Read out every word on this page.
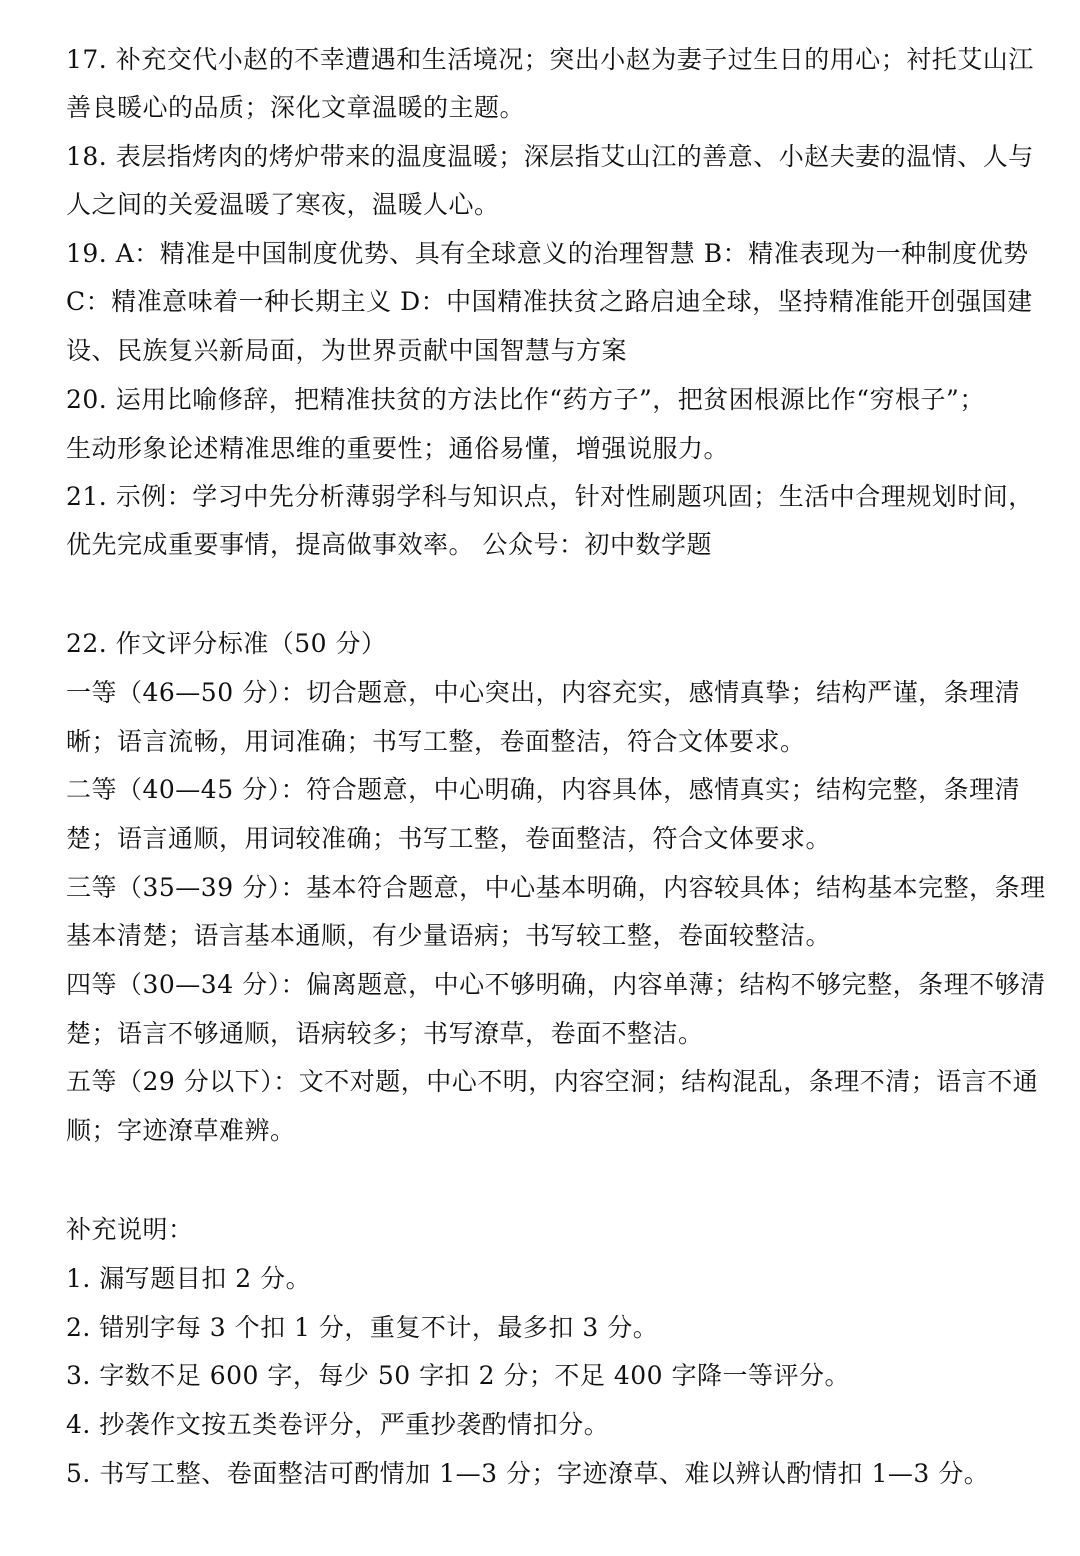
17. 补充交代小赵的不幸遭遇和生活境况；突出小赵为妻子过生日的用心；衬托艾山江
善良暖心的品质；深化文章温暖的主题。
18. 表层指烤肉的烤炉带来的温度温暖；深层指艾山江的善意、小赵夫妻的温情、人与
人之间的关爱温暖了寒夜，温暖人心。
19. A：精准是中国制度优势、具有全球意义的治理智慧 B：精准表现为一种制度优势
C：精准意味着一种长期主义 D：中国精准扶贫之路启迪全球，坚持精准能开创强国建
设、民族复兴新局面，为世界贡献中国智慧与方案
20. 运用比喻修辞，把精准扶贫的方法比作“药方子”，把贫困根源比作“穷根子”；
生动形象论述精准思维的重要性；通俗易懂，增强说服力。
21. 示例：学习中先分析薄弱学科与知识点，针对性刷题巩固；生活中合理规划时间，
优先完成重要事情，提高做事效率。 公众号：初中数学题
22. 作文评分标准（50 分）
一等（46—50 分）：切合题意，中心突出，内容充实，感情真挚；结构严谨，条理清
晰；语言流畅，用词准确；书写工整，卷面整洁，符合文体要求。
二等（40—45 分）：符合题意，中心明确，内容具体，感情真实；结构完整，条理清
楚；语言通顺，用词较准确；书写工整，卷面整洁，符合文体要求。
三等（35—39 分）：基本符合题意，中心基本明确，内容较具体；结构基本完整，条理
基本清楚；语言基本通顺，有少量语病；书写较工整，卷面较整洁。
四等（30—34 分）：偏离题意，中心不够明确，内容单薄；结构不够完整，条理不够清
楚；语言不够通顺，语病较多；书写潦草，卷面不整洁。
五等（29 分以下）：文不对题，中心不明，内容空洞；结构混乱，条理不清；语言不通
顺；字迹潦草难辨。
补充说明：
1. 漏写题目扣 2 分。
2. 错别字每 3 个扣 1 分，重复不计，最多扣 3 分。
3. 字数不足 600 字，每少 50 字扣 2 分；不足 400 字降一等评分。
4. 抄袭作文按五类卷评分，严重抄袭酌情扣分。
5. 书写工整、卷面整洁可酌情加 1—3 分；字迹潦草、难以辨认酌情扣 1—3 分。
